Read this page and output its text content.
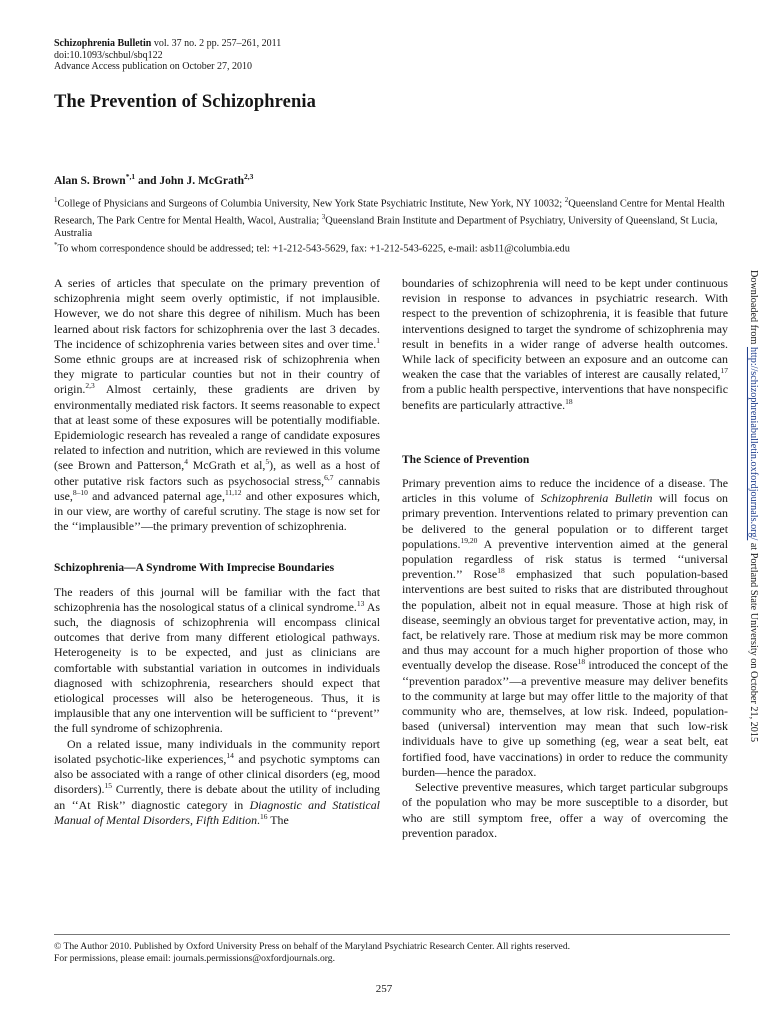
Schizophrenia Bulletin vol. 37 no. 2 pp. 257–261, 2011
doi:10.1093/schbul/sbq122
Advance Access publication on October 27, 2010
The Prevention of Schizophrenia
Alan S. Brown$^{*,1}$ and John J. McGrath$^{2,3}$
$^1$College of Physicians and Surgeons of Columbia University, New York State Psychiatric Institute, New York, NY 10032; $^2$Queensland Centre for Mental Health Research, The Park Centre for Mental Health, Wacol, Australia; $^3$Queensland Brain Institute and Department of Psychiatry, University of Queensland, St Lucia, Australia
*To whom correspondence should be addressed; tel: +1-212-543-5629, fax: +1-212-543-6225, e-mail: asb11@columbia.edu

A series of articles that speculate on the primary prevention of schizophrenia might seem overly optimistic, if not implausible. However, we do not share this degree of nihilism. Much has been learned about risk factors for schizophrenia over the last 3 decades. The incidence of schizophrenia varies between sites and over time.$^1$ Some ethnic groups are at increased risk of schizophrenia when they migrate to particular counties but not in their country of origin.$^{2,3}$ Almost certainly, these gradients are driven by environmentally mediated risk factors. It seems reasonable to expect that at least some of these exposures will be potentially modifiable. Epidemiologic research has revealed a range of candidate exposures related to infection and nutrition, which are reviewed in this volume (see Brown and Patterson,$^4$ McGrath et al,$^5$), as well as a host of other putative risk factors such as psychosocial stress,$^{6,7}$ cannabis use,$^{8-10}$ and advanced paternal age,$^{11,12}$ and other exposures which, in our view, are worthy of careful scrutiny. The stage is now set for the ‘‘implausible’’—the primary prevention of schizophrenia.

Schizophrenia—A Syndrome With Imprecise Boundaries

The readers of this journal will be familiar with the fact that schizophrenia has the nosological status of a clinical syndrome.$^{13}$ As such, the diagnosis of schizophrenia will encompass clinical outcomes that derive from many different etiological pathways. Heterogeneity is to be expected, and just as clinicians are comfortable with substantial variation in outcomes in individuals diagnosed with schizophrenia, researchers should expect that etiological processes will also be heterogeneous. Thus, it is implausible that any one intervention will be sufficient to ‘‘prevent’’ the full syndrome of schizophrenia.

On a related issue, many individuals in the community report isolated psychotic-like experiences,$^{14}$ and psychotic symptoms can also be associated with a range of other clinical disorders (eg, mood disorders).$^{15}$ Currently, there is debate about the utility of including an ‘‘At Risk’’ diagnostic category in Diagnostic and Statistical Manual of Mental Disorders, Fifth Edition.$^{16}$ The

boundaries of schizophrenia will need to be kept under continuous revision in response to advances in psychiatric research. With respect to the prevention of schizophrenia, it is feasible that future interventions designed to target the syndrome of schizophrenia may result in benefits in a wider range of adverse health outcomes. While lack of specificity between an exposure and an outcome can weaken the case that the variables of interest are causally related,$^{17}$ from a public health perspective, interventions that have nonspecific benefits are particularly attractive.$^{18}$

The Science of Prevention

Primary prevention aims to reduce the incidence of a disease. The articles in this volume of Schizophrenia Bulletin will focus on primary prevention. Interventions related to primary prevention can be delivered to the general population or to different target populations.$^{19,20}$ A preventive intervention aimed at the general population regardless of risk status is termed ‘‘universal prevention.’’ Rose$^{18}$ emphasized that such population-based interventions are best suited to risks that are distributed throughout the population, albeit not in equal measure. Those at high risk of disease, seemingly an obvious target for preventative action, may, in fact, be relatively rare. Those at medium risk may be more common and thus may account for a much higher proportion of those who eventually develop the disease. Rose$^{18}$ introduced the concept of the ‘‘prevention paradox’’—a preventive measure may deliver benefits to the community at large but may offer little to the majority of that community who are, themselves, at low risk. Indeed, population-based (universal) intervention may mean that such low-risk individuals have to give up something (eg, wear a seat belt, eat fortified food, have vaccinations) in order to reduce the community burden—hence the paradox.

Selective preventive measures, which target particular subgroups of the population who may be more susceptible to a disorder, but who are still symptom free, offer a way of overcoming the prevention paradox.

© The Author 2010. Published by Oxford University Press on behalf of the Maryland Psychiatric Research Center. All rights reserved.
For permissions, please email: journals.permissions@oxfordjournals.org.
257
Downloaded from http://schizophreniabulletin.oxfordjournals.org/ at Portland State University on October 21, 2015
